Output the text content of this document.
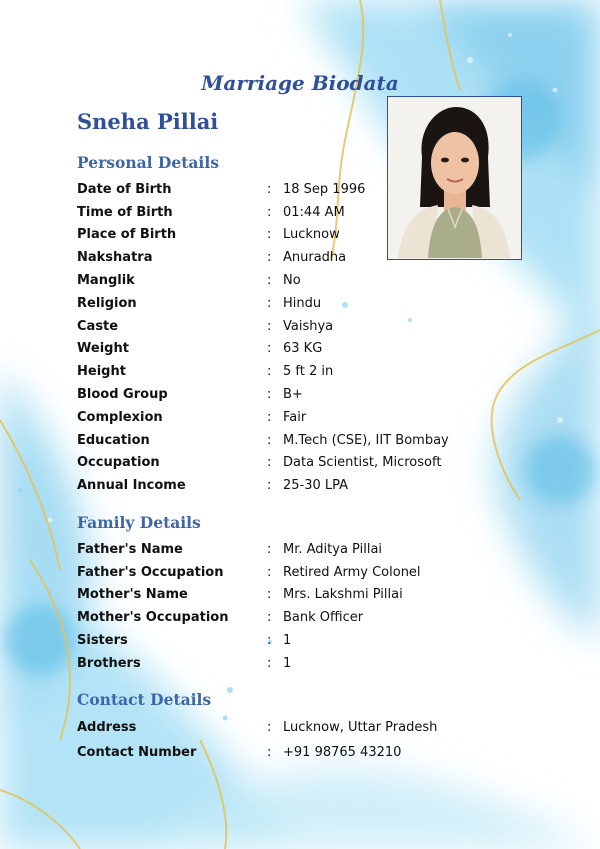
Marriage Biodata
Sneha Pillai
Personal Details
Date of Birth	: 18 Sep 1996
Time of Birth	: 01:44 AM
Place of Birth	: Lucknow
Nakshatra	: Anuradha
Manglik	: No
Religion	: Hindu
Caste	: Vaishya
Weight	: 63 KG
Height	: 5 ft 2 in
Blood Group	: B+
Complexion	: Fair
Education	: M.Tech (CSE), IIT Bombay
Occupation	: Data Scientist, Microsoft
Annual Income	: 25-30 LPA
Family Details
Father's Name	: Mr. Aditya Pillai
Father's Occupation	: Retired Army Colonel
Mother's Name	: Mrs. Lakshmi Pillai
Mother's Occupation	: Bank Officer
Sisters	: 1
Brothers	: 1
Contact Details
Address	: Lucknow, Uttar Pradesh
Contact Number	: +91 98765 43210
